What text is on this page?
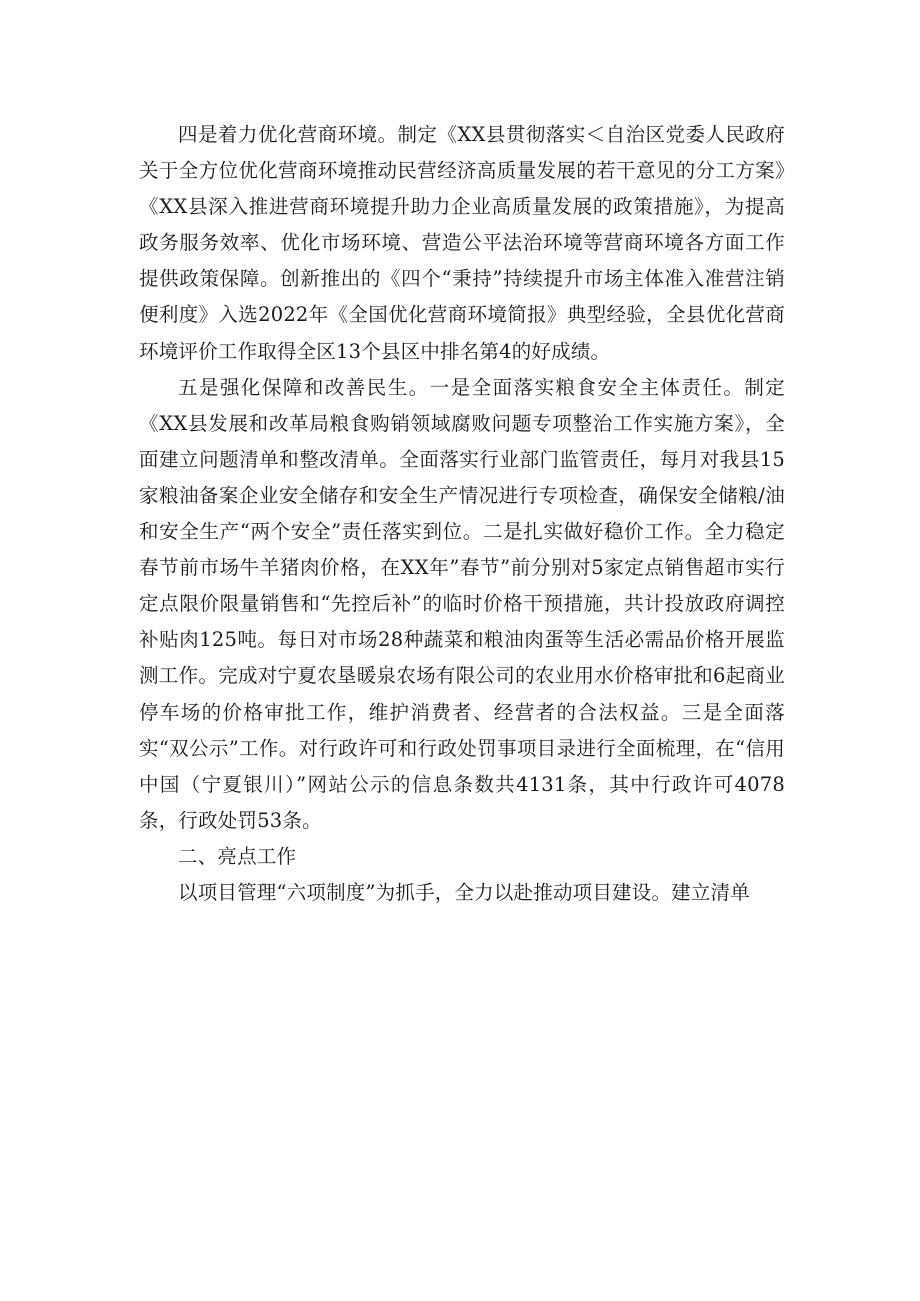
四是着力优化营商环境。制定《XX县贯彻落实＜自治区党委人民政府关于全方位优化营商环境推动民营经济高质量发展的若干意见的分工方案》《XX县深入推进营商环境提升助力企业高质量发展的政策措施》，为提高政务服务效率、优化市场环境、营造公平法治环境等营商环境各方面工作提供政策保障。创新推出的《四个“秉持”持续提升市场主体准入准营注销便利度》入选2022年《全国优化营商环境简报》典型经验，全县优化营商环境评价工作取得全区13个县区中排名第4的好成绩。

五是强化保障和改善民生。一是全面落实粮食安全主体责任。制定《XX县发展和改革局粮食购销领域腐败问题专项整治工作实施方案》，全面建立问题清单和整改清单。全面落实行业部门监管责任，每月对我县15家粮油备案企业安全储存和安全生产情况进行专项检查，确保安全储粮/油和安全生产“两个安全”责任落实到位。二是扎实做好稳价工作。全力稳定春节前市场牛羊猪肉价格，在XX年”春节”前分别对5家定点销售超市实行定点限价限量销售和“先控后补”的临时价格干预措施，共计投放政府调控补贴肉125吨。每日对市场28种蔬菜和粮油肉蛋等生活必需品价格开展监测工作。完成对宁夏农垦暖泉农场有限公司的农业用水价格审批和6起商业停车场的价格审批工作，维护消费者、经营者的合法权益。三是全面落实“双公示”工作。对行政许可和行政处罚事项目录进行全面梳理，在“信用中国（宁夏银川）”网站公示的信息条数共4131条，其中行政许可4078条，行政处罚53条。

二、亮点工作

以项目管理“六项制度”为抓手，全力以赴推动项目建设。建立清单
